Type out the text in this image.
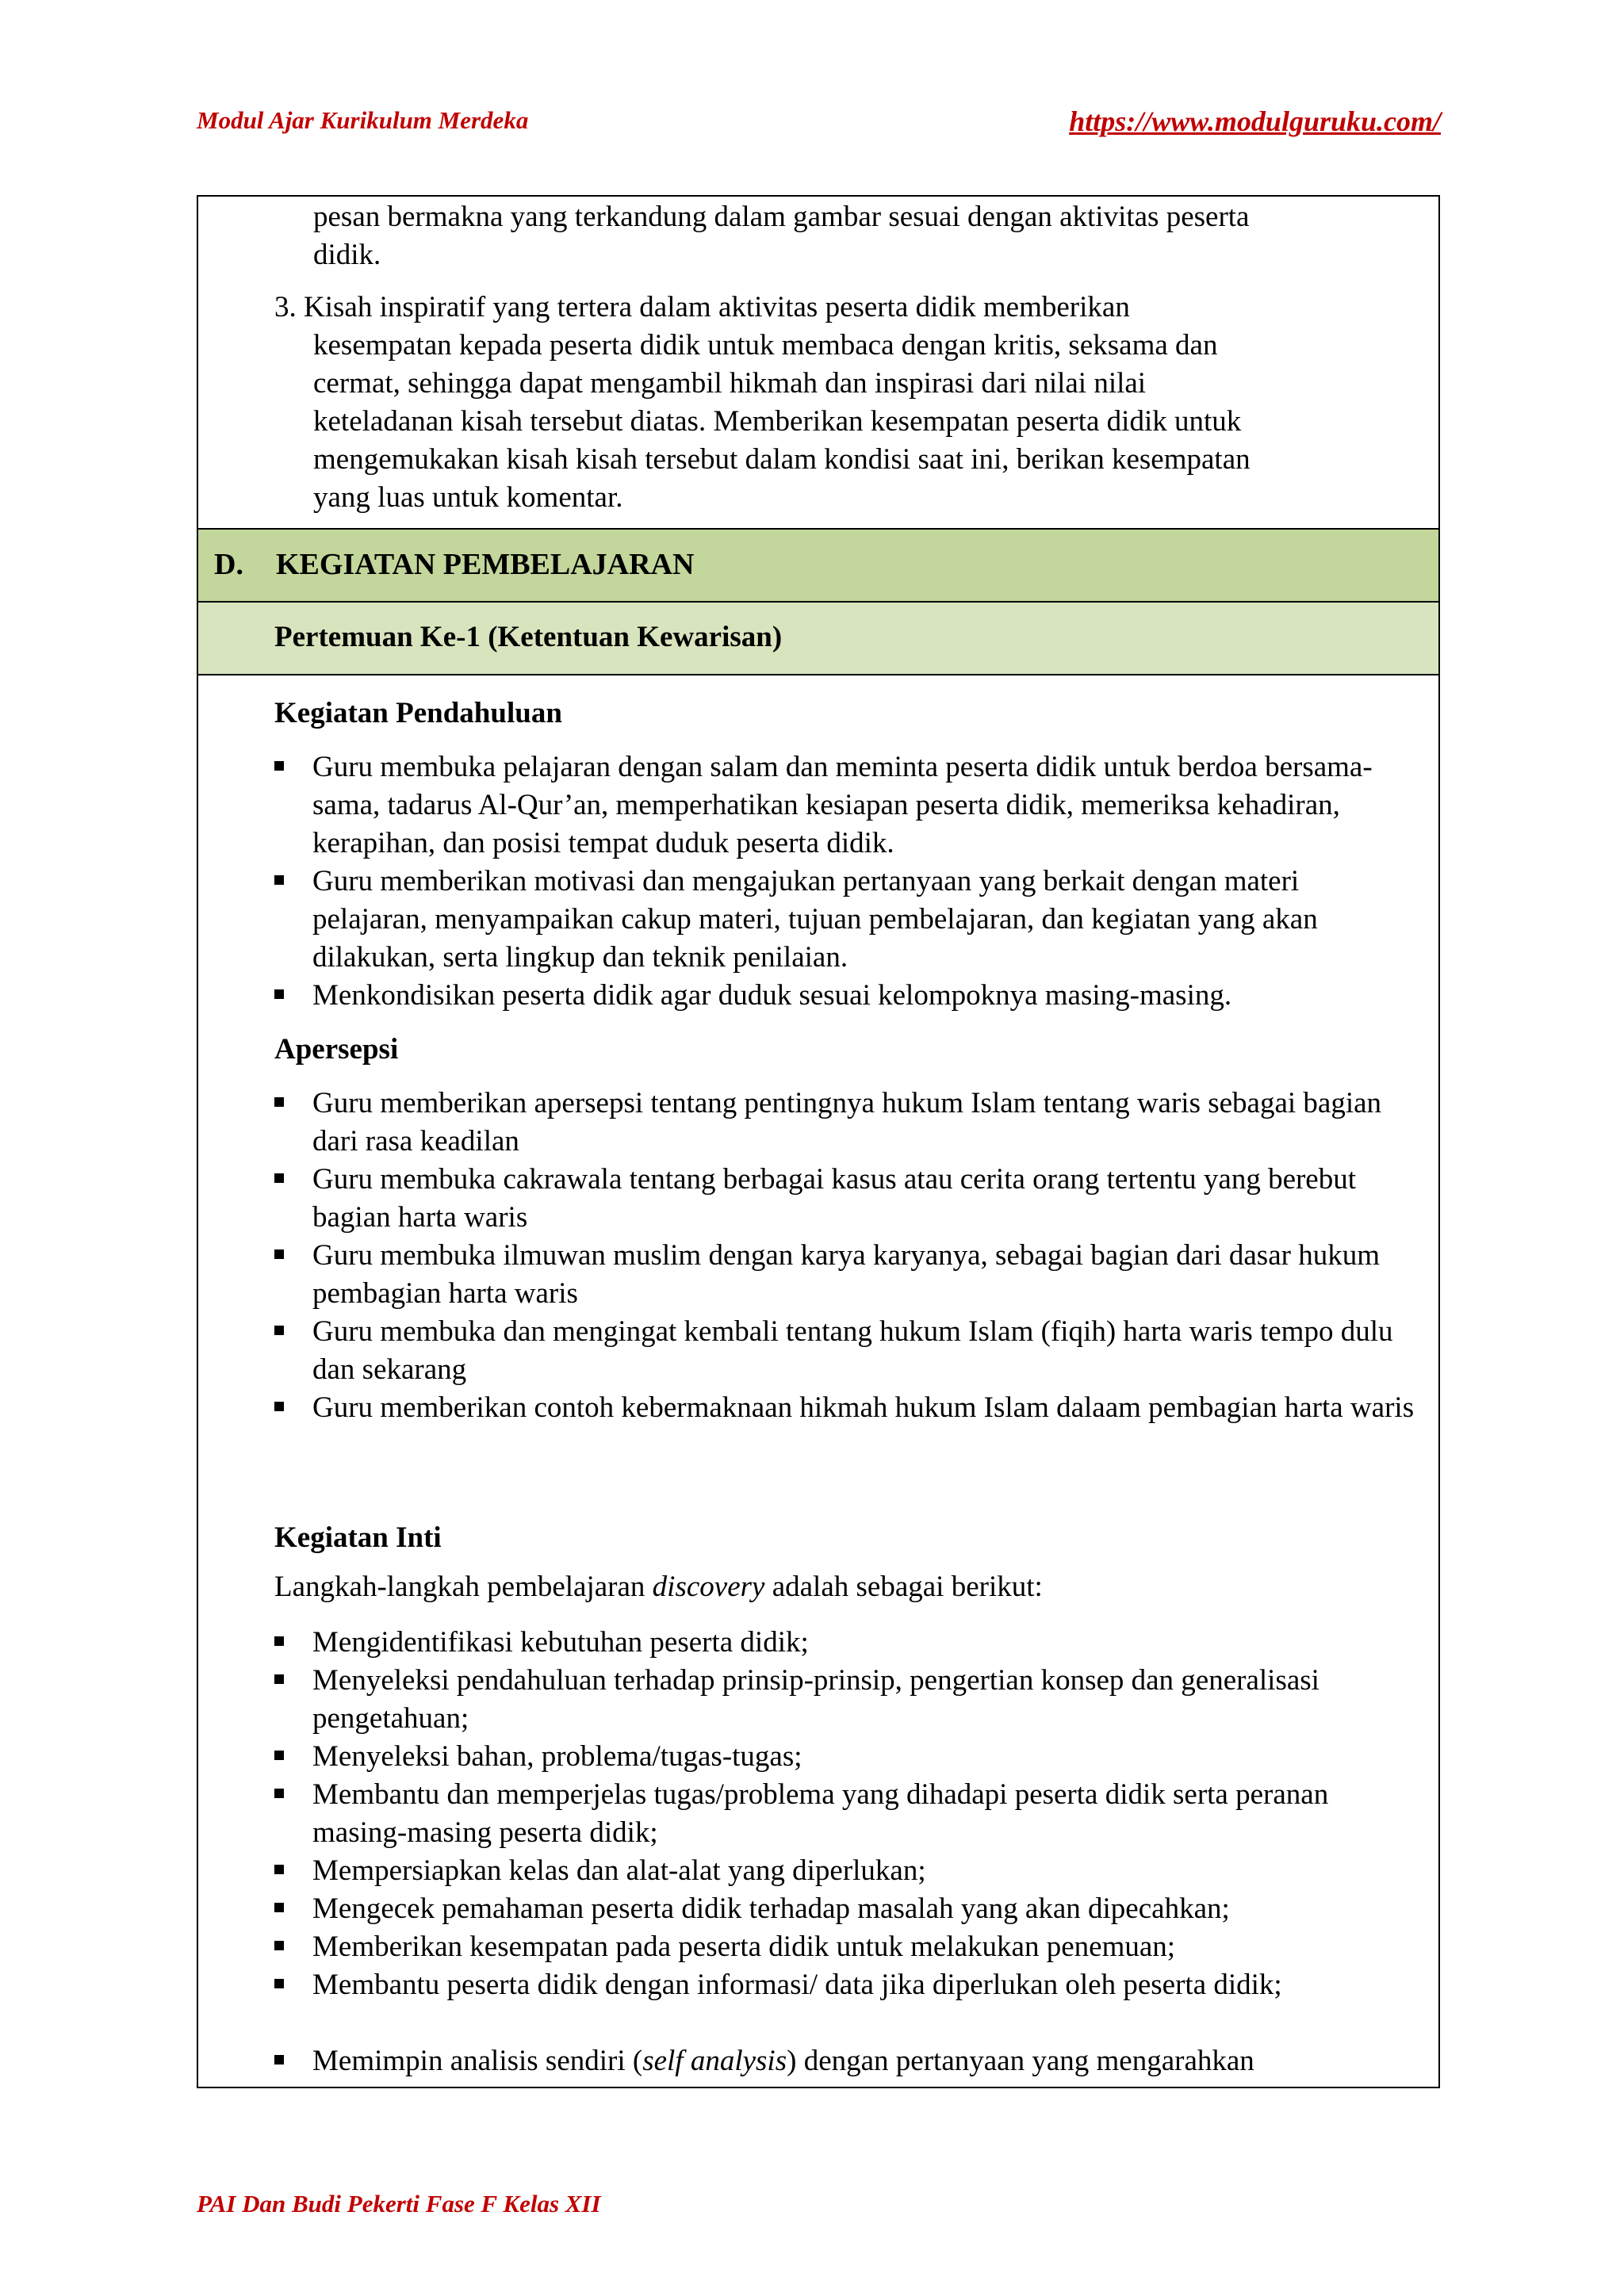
Modul Ajar Kurikulum Merdeka	https://www.modulguruku.com/
pesan bermakna yang terkandung dalam gambar sesuai dengan aktivitas peserta
didik.
3. Kisah inspiratif yang tertera dalam aktivitas peserta didik memberikan
kesempatan kepada peserta didik untuk membaca dengan kritis, seksama dan
cermat, sehingga dapat mengambil hikmah dan inspirasi dari nilai nilai
keteladanan kisah tersebut diatas. Memberikan kesempatan peserta didik untuk
mengemukakan kisah kisah tersebut dalam kondisi saat ini, berikan kesempatan
yang luas untuk komentar.
D. KEGIATAN PEMBELAJARAN
Pertemuan Ke-1 (Ketentuan Kewarisan)
Kegiatan Pendahuluan
Guru membuka pelajaran dengan salam dan meminta peserta didik untuk berdoa bersama-sama, tadarus Al-Qur’an, memperhatikan kesiapan peserta didik, memeriksa kehadiran, kerapihan, dan posisi tempat duduk peserta didik.
Guru memberikan motivasi dan mengajukan pertanyaan yang berkait dengan materi pelajaran, menyampaikan cakup materi, tujuan pembelajaran, dan kegiatan yang akan dilakukan, serta lingkup dan teknik penilaian.
Menkondisikan peserta didik agar duduk sesuai kelompoknya masing-masing.
Apersepsi
Guru memberikan apersepsi tentang pentingnya hukum Islam tentang waris sebagai bagian dari rasa keadilan
Guru membuka cakrawala tentang berbagai kasus atau cerita orang tertentu yang berebut bagian harta waris
Guru membuka ilmuwan muslim dengan karya karyanya, sebagai bagian dari dasar hukum pembagian harta waris
Guru membuka dan mengingat kembali tentang hukum Islam (fiqih) harta waris tempo dulu dan sekarang
Guru memberikan contoh kebermaknaan hikmah hukum Islam dalaam pembagian harta waris
Kegiatan Inti
Langkah-langkah pembelajaran discovery adalah sebagai berikut:
Mengidentifikasi kebutuhan peserta didik;
Menyeleksi pendahuluan terhadap prinsip-prinsip, pengertian konsep dan generalisasi pengetahuan;
Menyeleksi bahan, problema/tugas-tugas;
Membantu dan memperjelas tugas/problema yang dihadapi peserta didik serta peranan masing-masing peserta didik;
Mempersiapkan kelas dan alat-alat yang diperlukan;
Mengecek pemahaman peserta didik terhadap masalah yang akan dipecahkan;
Memberikan kesempatan pada peserta didik untuk melakukan penemuan;
Membantu peserta didik dengan informasi/ data jika diperlukan oleh peserta didik;
Memimpin analisis sendiri (self analysis) dengan pertanyaan yang mengarahkan
PAI Dan Budi Pekerti Fase F Kelas XII
